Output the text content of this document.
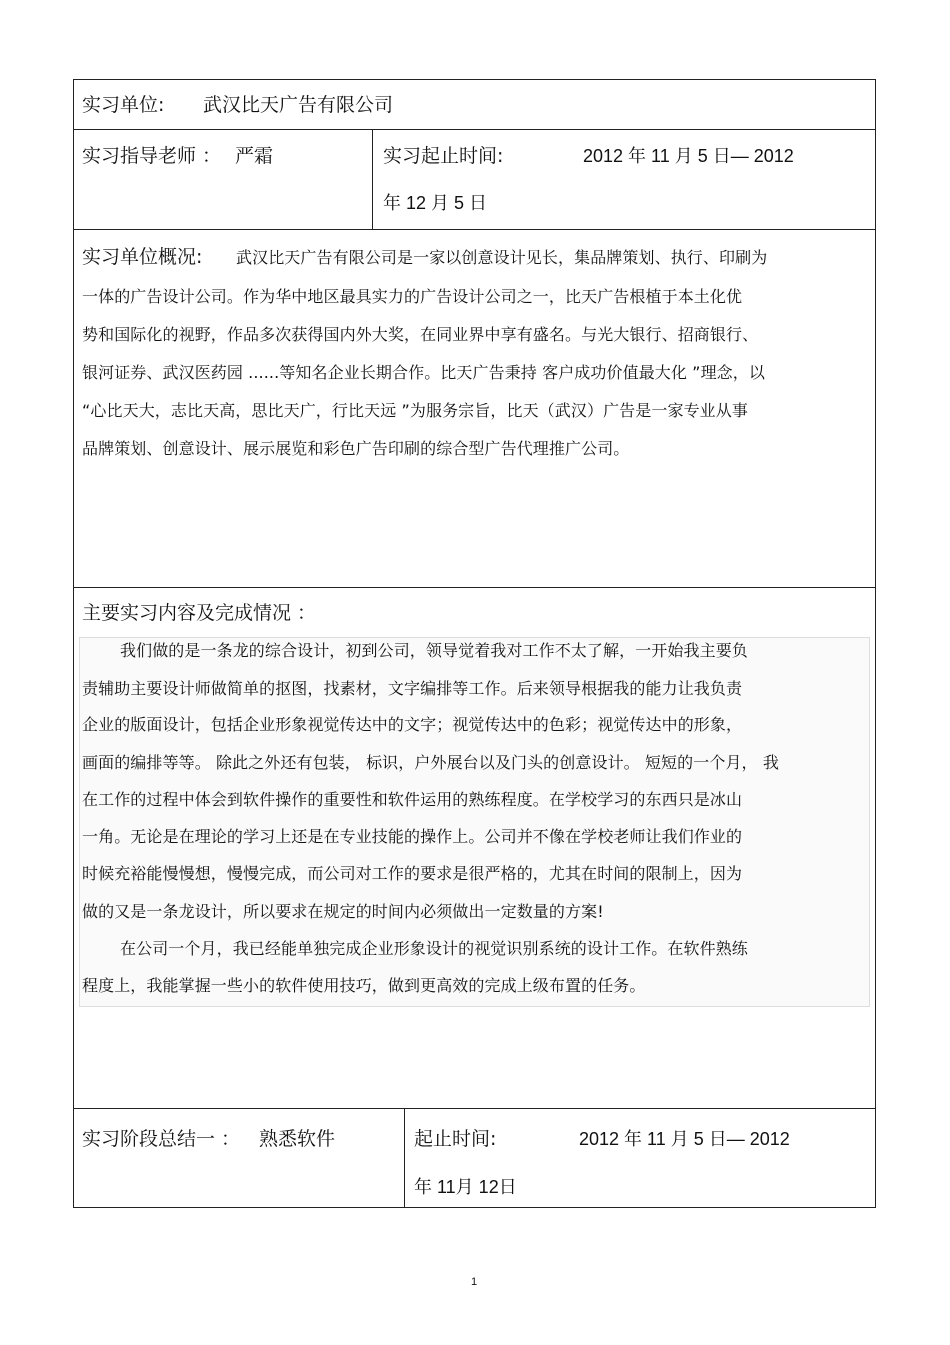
实习单位: 武汉比天广告有限公司
实习指导老师 ： 严霜	实习起止时间:	2012 年 11 月 5 日— 2012
年 12 月 5 日
实习单位概况: 武汉比天广告有限公司是一家以创意设计见长，集品牌策划、执行、印刷为
一体的广告设计公司。作为华中地区最具实力的广告设计公司之一，比天广告根植于本土化优
势和国际化的视野，作品多次获得国内外大奖，在同业界中享有盛名。与光大银行、招商银行、
银河证券、武汉医药园 ......等知名企业长期合作。比天广告秉持 客户成功价值最大化 ”理念，以
“心比天大，志比天高，思比天广，行比天远 ”为服务宗旨，比天（武汉）广告是一家专业从事
品牌策划、创意设计、展示展览和彩色广告印刷的综合型广告代理推广公司。
主要实习内容及完成情况 ：
我们做的是一条龙的综合设计，初到公司，领导觉着我对工作不太了解，一开始我主要负
责辅助主要设计师做简单的抠图，找素材，文字编排等工作。后来领导根据我的能力让我负责
企业的版面设计，包括企业形象视觉传达中的文字；视觉传达中的色彩；视觉传达中的形象，
画面的编排等等。 除此之外还有包装， 标识，户外展台以及门头的创意设计。 短短的一个月， 我
在工作的过程中体会到软件操作的重要性和软件运用的熟练程度。在学校学习的东西只是冰山
一角。无论是在理论的学习上还是在专业技能的操作上。公司并不像在学校老师让我们作业的
时候充裕能慢慢想，慢慢完成，而公司对工作的要求是很严格的，尤其在时间的限制上，因为
做的又是一条龙设计，所以要求在规定的时间内必须做出一定数量的方案!
在公司一个月，我已经能单独完成企业形象设计的视觉识别系统的设计工作。在软件熟练
程度上，我能掌握一些小的软件使用技巧，做到更高效的完成上级布置的任务。
实习阶段总结一 ： 熟悉软件	起止时间:	2012 年 11 月 5 日— 2012
年 11月 12日
1
